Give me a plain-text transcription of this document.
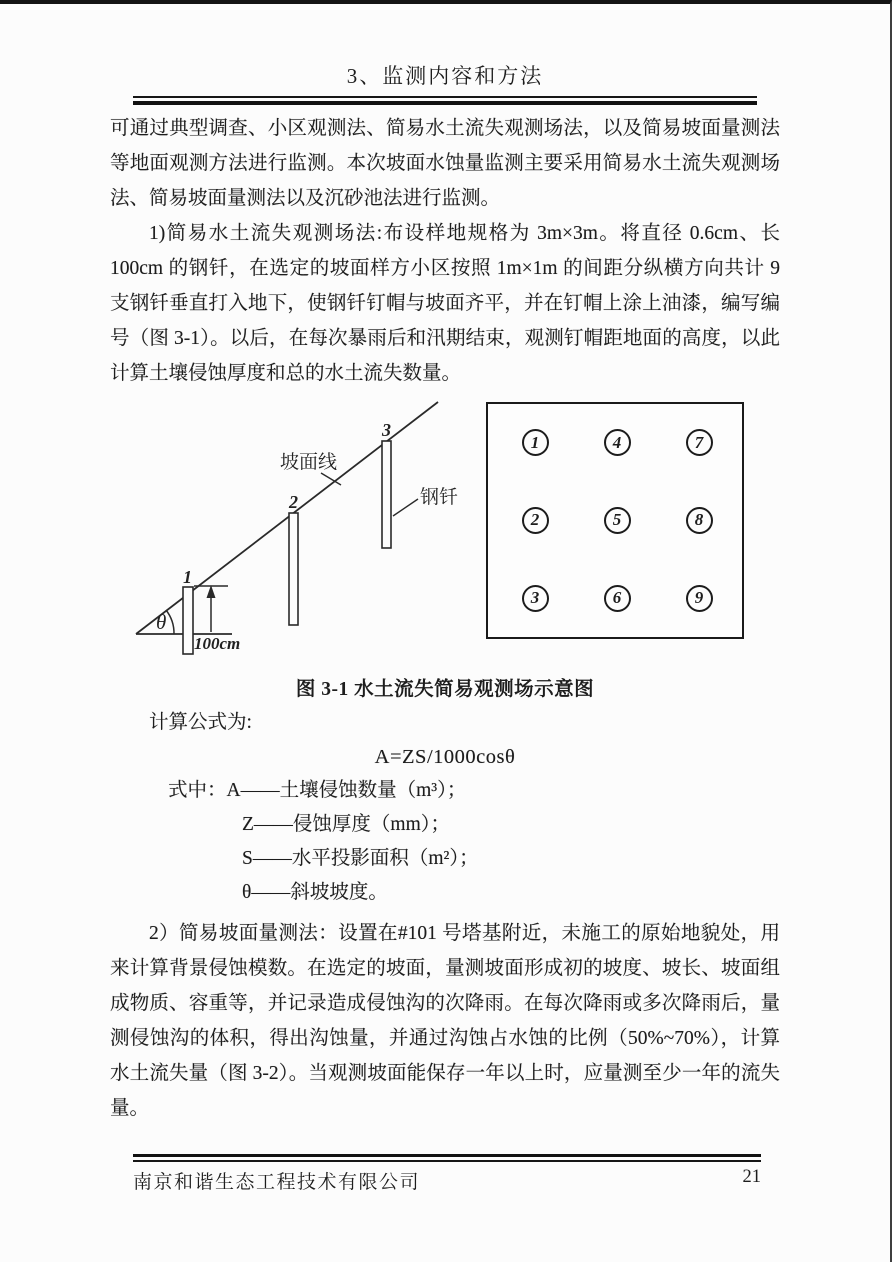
3、监测内容和方法
可通过典型调查、小区观测法、简易水土流失观测场法，以及简易坡面量测法等地面观测方法进行监测。本次坡面水蚀量监测主要采用简易水土流失观测场法、简易坡面量测法以及沉砂池法进行监测。
1)简易水土流失观测场法:布设样地规格为 3m×3m。将直径 0.6cm、长 100cm 的钢钎，在选定的坡面样方小区按照 1m×1m 的间距分纵横方向共计 9 支钢钎垂直打入地下，使钢钎钉帽与坡面齐平，并在钉帽上涂上油漆，编写编号（图 3-1）。以后，在每次暴雨后和汛期结束，观测钉帽距地面的高度，以此计算土壤侵蚀厚度和总的水土流失数量。
θ
1
100cm
2
3
坡面线
钢钎
1	4	7
2	5	8
3	6	9
图 3-1 水土流失简易观测场示意图
计算公式为:
A=ZS/1000cosθ
式中：A——土壤侵蚀数量（m³）；
Z——侵蚀厚度（mm）；
S——水平投影面积（m²）；
θ——斜坡坡度。
2）简易坡面量测法：设置在#101 号塔基附近，未施工的原始地貌处，用来计算背景侵蚀模数。在选定的坡面，量测坡面形成初的坡度、坡长、坡面组成物质、容重等，并记录造成侵蚀沟的次降雨。在每次降雨或多次降雨后，量测侵蚀沟的体积，得出沟蚀量，并通过沟蚀占水蚀的比例（50%~70%），计算水土流失量（图 3-2）。当观测坡面能保存一年以上时，应量测至少一年的流失量。
南京和谐生态工程技术有限公司	21
